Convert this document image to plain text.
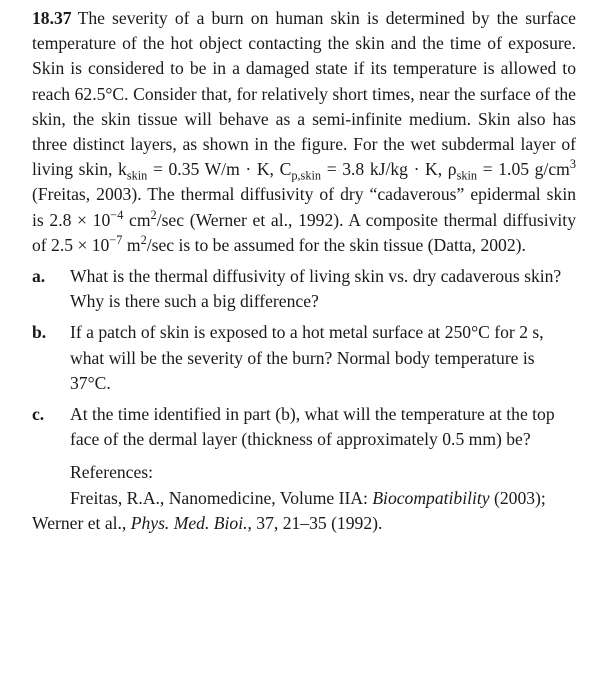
18.37 The severity of a burn on human skin is determined by the surface temperature of the hot object contacting the skin and the time of exposure. Skin is considered to be in a damaged state if its temperature is allowed to reach 62.5°C. Consider that, for relatively short times, near the surface of the skin, the skin tissue will behave as a semi-infinite medium. Skin also has three distinct layers, as shown in the figure. For the wet subdermal layer of living skin, $k_{skin} = 0.35$ W/m · K, $C_{p,skin} = 3.8$ kJ/kg · K, $\rho_{skin} = 1.05$ $g/cm^3$ (Freitas, 2003). The thermal diffusivity of dry “cadaverous” epidermal skin is $2.8 \times 10^{-4}$ $cm^2/\sec$ (Werner et al., 1992). A composite thermal diffusivity of $2.5 \times 10^{-7}$ $m^2/\sec$ is to be assumed for the skin tissue (Datta, 2002).

a. What is the thermal diffusivity of living skin vs. dry cadaverous skin? Why is there such a big difference?
b. If a patch of skin is exposed to a hot metal surface at 250°C for 2 s, what will be the severity of the burn? Normal body temperature is 37°C.
c. At the time identified in part (b), what will the temperature at the top face of the dermal layer (thickness of approximately 0.5 mm) be?
References:

Freitas, R.A., Nanomedicine, Volume IIA: Biocompatibility (2003); Werner et al., Phys. Med. Bioi., 37, 21–35 (1992).
